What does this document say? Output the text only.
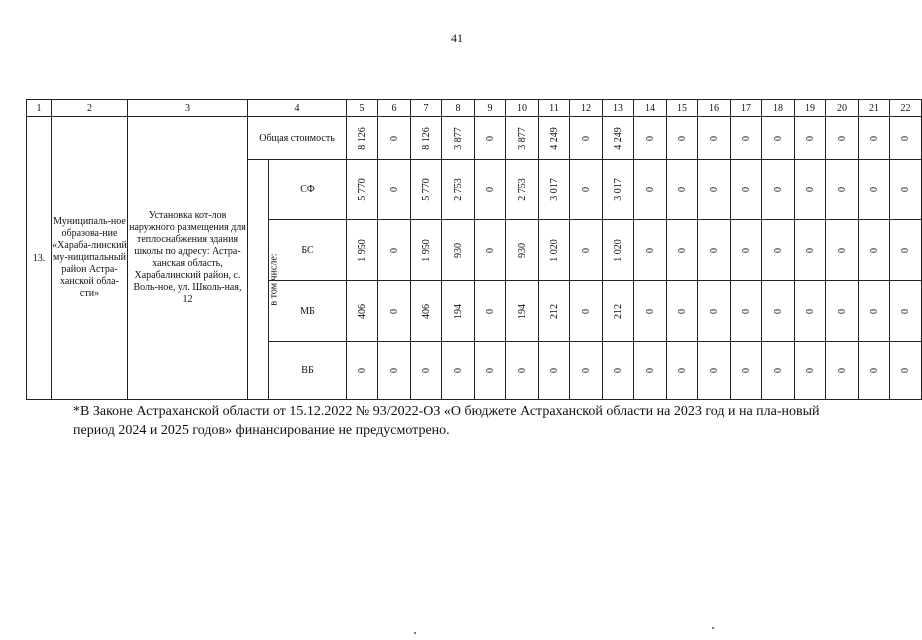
41
1	2	3	4		5	6	7	8	9	10	11	12	13	14	15	16	17	18	19	20	21	22
13.	Муниципаль-ное образова-ние «Хараба-линский му-ниципальный район Астра-ханской обла-сти»	Установка кот-лов наружного размещения для теплоснабжения здания школы по адресу: Астра-ханская область, Харабалинский район, с. Воль-ное, ул. Школь-ная, 12	Общая стоимость		8 126	0	8 126	3 877	0	3 877	4 249	0	4 249	0	0	0	0	0	0	0	0	0
			в том числе:	СФ	5 770	0	5 770	2 753	0	2 753	3 017	0	3 017	0	0	0	0	0	0	0	0	0
				БС	1 950	0	1 950	930	0	930	1 020	0	1 020	0	0	0	0	0	0	0	0	0
				МБ	406	0	406	194	0	194	212	0	212	0	0	0	0	0	0	0	0	0
				ВБ	0	0	0	0	0	0	0	0	0	0	0	0	0	0	0	0	0	0
*В Законе Астраханской области от 15.12.2022 № 93/2022-ОЗ «О бюджете Астраханской области на 2023 год и на пла-новый период 2024 и 2025 годов» финансирование не предусмотрено.
